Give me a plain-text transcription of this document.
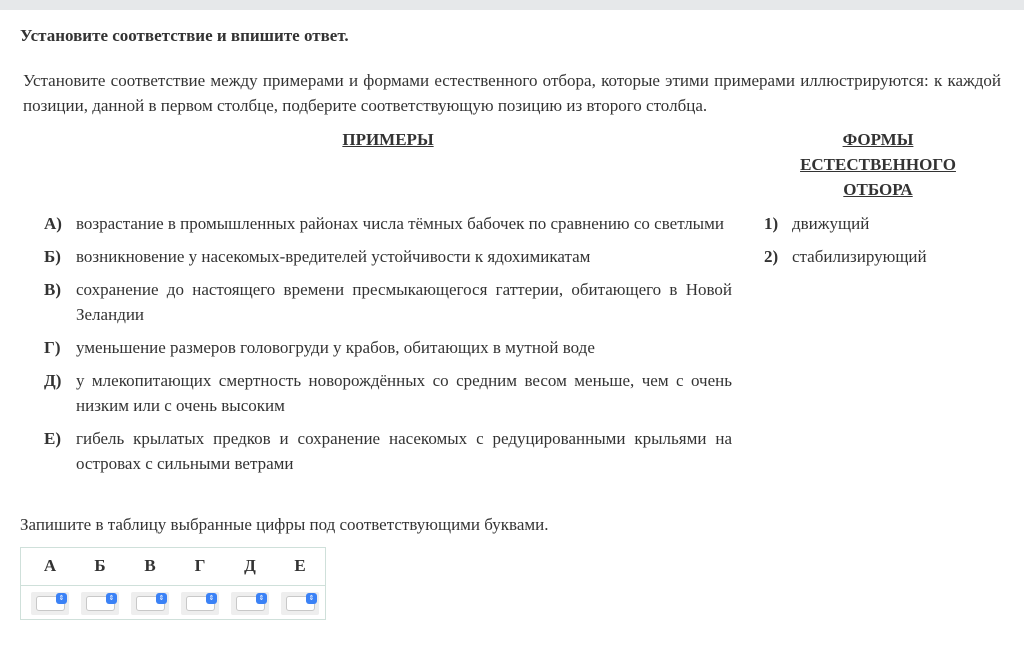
Установите соответствие и впишите ответ.
Установите соответствие между примерами и формами естественного отбора, которые этими примерами иллюстрируются: к каждой позиции, данной в первом столбце, подберите соответствующую позицию из второго столбца.
ПРИМЕРЫ	ФОРМЫ
ЕСТЕСТВЕННОГО
ОТБОРА
А) возрастание в промышленных районах числа тёмных бабочек по сравнению со светлыми
Б) возникновение у насекомых-вредителей устойчивости к ядохимикатам
В) сохранение до настоящего времени пресмыкающегося гаттерии, обитающего в Новой Зеландии
Г) уменьшение размеров головогруди у крабов, обитающих в мутной воде
Д) у млекопитающих смертность новорождённых со средним весом меньше, чем с очень низким или с очень высоким
Е) гибель крылатых предков и сохранение насекомых с редуцированными крыльями на островах с сильными ветрами
1) движущий
2) стабилизирующий
Запишите в таблицу выбранные цифры под соответствующими буквами.
А	Б	В	Г	Д	Е
⇕	⇕	⇕	⇕	⇕	⇕
